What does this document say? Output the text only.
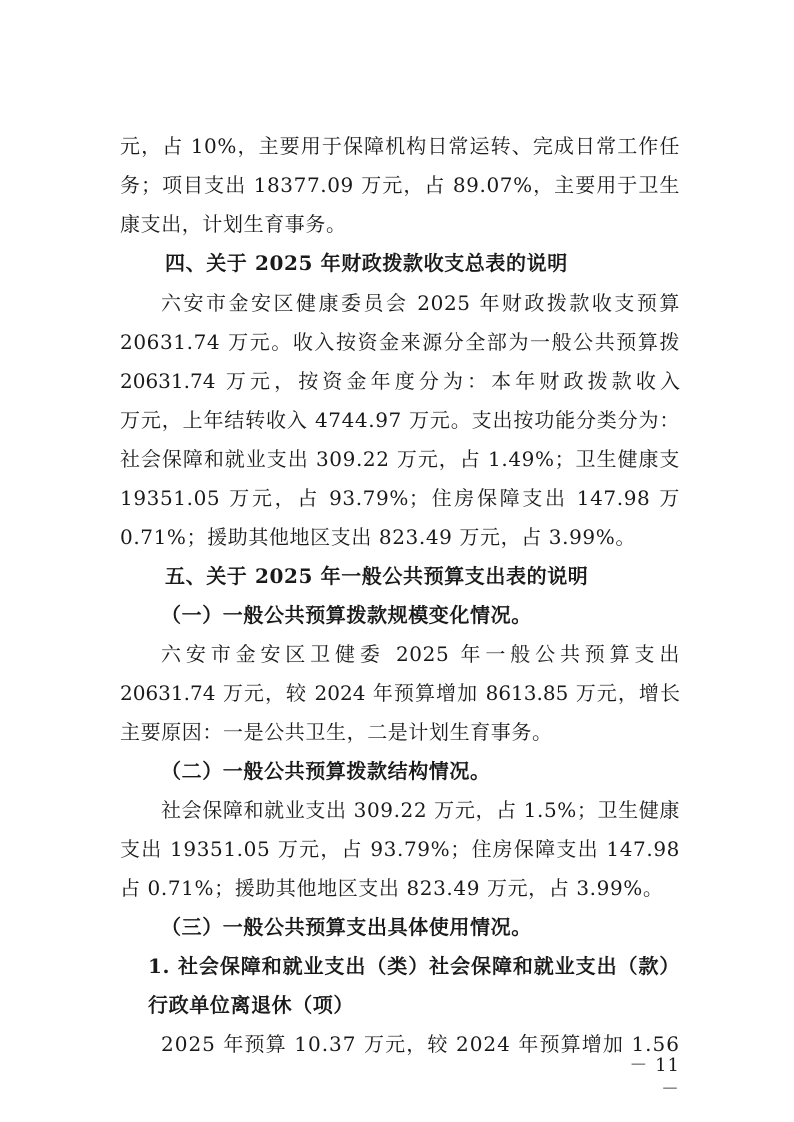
元，占 10%，主要用于保障机构日常运转、完成日常工作任
务；项目支出 18377.09 万元，占 89.07%，主要用于卫生
康支出，计划生育事务。
四、关于 2025 年财政拨款收支总表的说明
六安市金安区健康委员会 2025 年财政拨款收支预算
20631.74 万元。收入按资金来源分全部为一般公共预算拨
20631.74 万元，按资金年度分为：本年财政拨款收入
万元，上年结转收入 4744.97 万元。支出按功能分类分为：
社会保障和就业支出 309.22 万元，占 1.49%；卫生健康支
19351.05 万元，占 93.79%；住房保障支出 147.98 万
0.71%；援助其他地区支出 823.49 万元，占 3.99%。
五、关于 2025 年一般公共预算支出表的说明
（一）一般公共预算拨款规模变化情况。
六安市金安区卫健委 2025 年一般公共预算支出
20631.74 万元，较 2024 年预算增加 8613.85 万元，增长
主要原因：一是公共卫生，二是计划生育事务。
（二）一般公共预算拨款结构情况。
社会保障和就业支出 309.22 万元，占 1.5%；卫生健康
支出 19351.05 万元，占 93.79%；住房保障支出 147.98
占 0.71%；援助其他地区支出 823.49 万元，占 3.99%。
（三）一般公共预算支出具体使用情况。
1. 社会保障和就业支出（类）社会保障和就业支出（款）
行政单位离退休（项）
2025 年预算 10.37 万元，较 2024 年预算增加 1.56
－ 11 －
